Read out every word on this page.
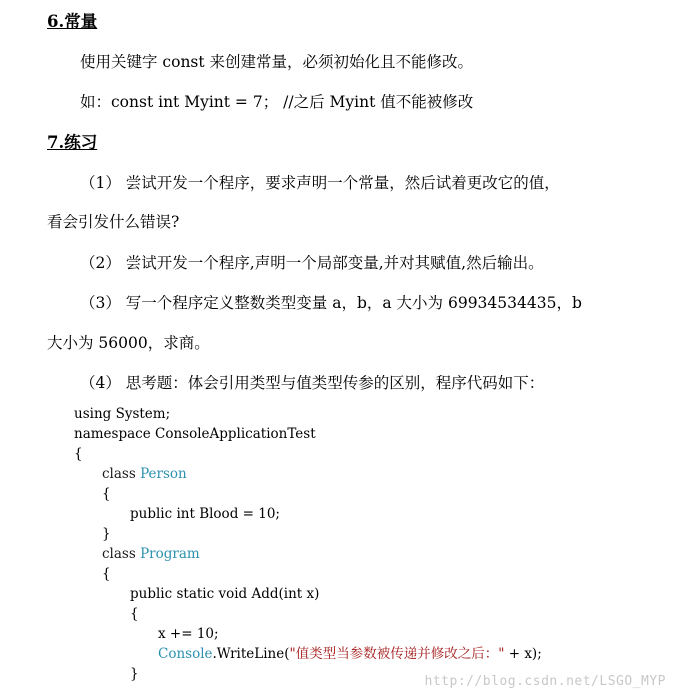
6.常量
使用关键字 const 来创建常量，必须初始化且不能修改。
如：const int Myint = 7； //之后 Myint 值不能被修改
7.练习
（1） 尝试开发一个程序，要求声明一个常量，然后试着更改它的值，
看会引发什么错误?
（2） 尝试开发一个程序,声明一个局部变量,并对其赋值,然后输出。
（3） 写一个程序定义整数类型变量 a，b，a 大小为 69934534435，b
大小为 56000，求商。
（4） 思考题：体会引用类型与值类型传参的区别，程序代码如下：
using System;
namespace ConsoleApplicationTest
{
class Person
{
public int Blood = 10;
}
class Program
{
public static void Add(int x)
{
x += 10;
Console.WriteLine("值类型当参数被传递并修改之后：" + x);
}	http://blog.csdn.net/LSGO_MYP
